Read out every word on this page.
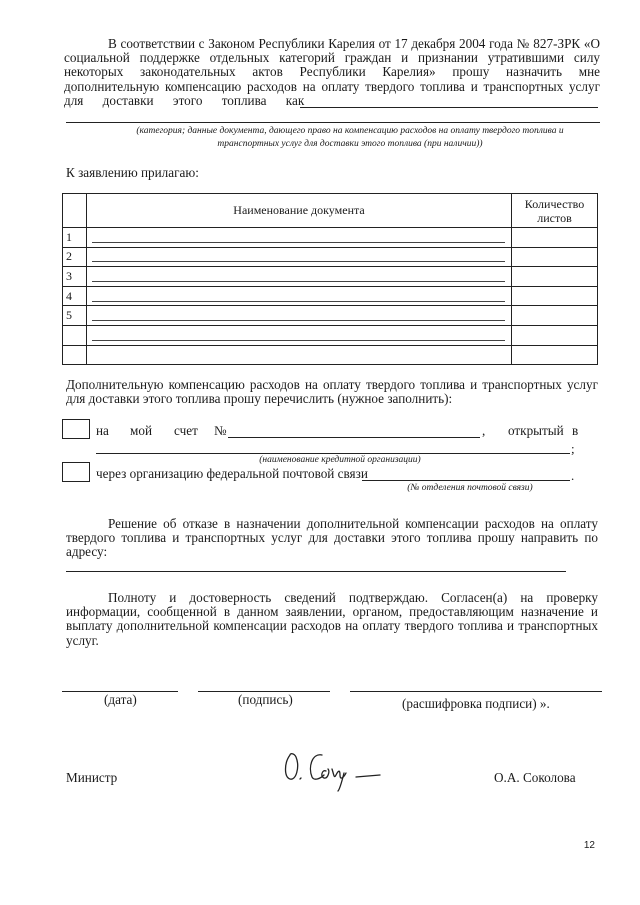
В соответствии с Законом Республики Карелия от 17 декабря 2004 года № 827-ЗРК «О
социальной поддержке отдельных категорий граждан и признании утратившими силу
некоторых законодательных актов Республики Карелия» прошу назначить мне
дополнительную компенсацию расходов на оплату твердого топлива и транспортных услуг
для доставки этого топлива как
(категория; данные документа, дающего право на компенсацию расходов на оплату твердого топлива и
транспортных услуг для доставки этого топлива (при наличии))
К заявлению прилагаю:
	Наименование документа	Количество
листов
1	

2	

3	

4	

5	

Дополнительную компенсацию расходов на оплату твердого топлива и транспортных услуг
для доставки этого топлива прошу перечислить (нужное заполнить):
на мой счет №	, открытый в
;
(наименование кредитной организации)
через организацию федеральной почтовой связи	.
(№ отделения почтовой связи)
Решение об отказе в назначении дополнительной компенсации расходов на оплату
твердого топлива и транспортных услуг для доставки этого топлива прошу направить по
адресу:
Полноту и достоверность сведений подтверждаю. Согласен(а) на проверку
информации, сообщенной в данном заявлении, органом, предоставляющим назначение и
выплату дополнительной компенсации расходов на оплату твердого топлива и транспортных
услуг.
(дата)	(подпись)	(расшифровка подписи) ».
Министр	О.А. Соколова
12
